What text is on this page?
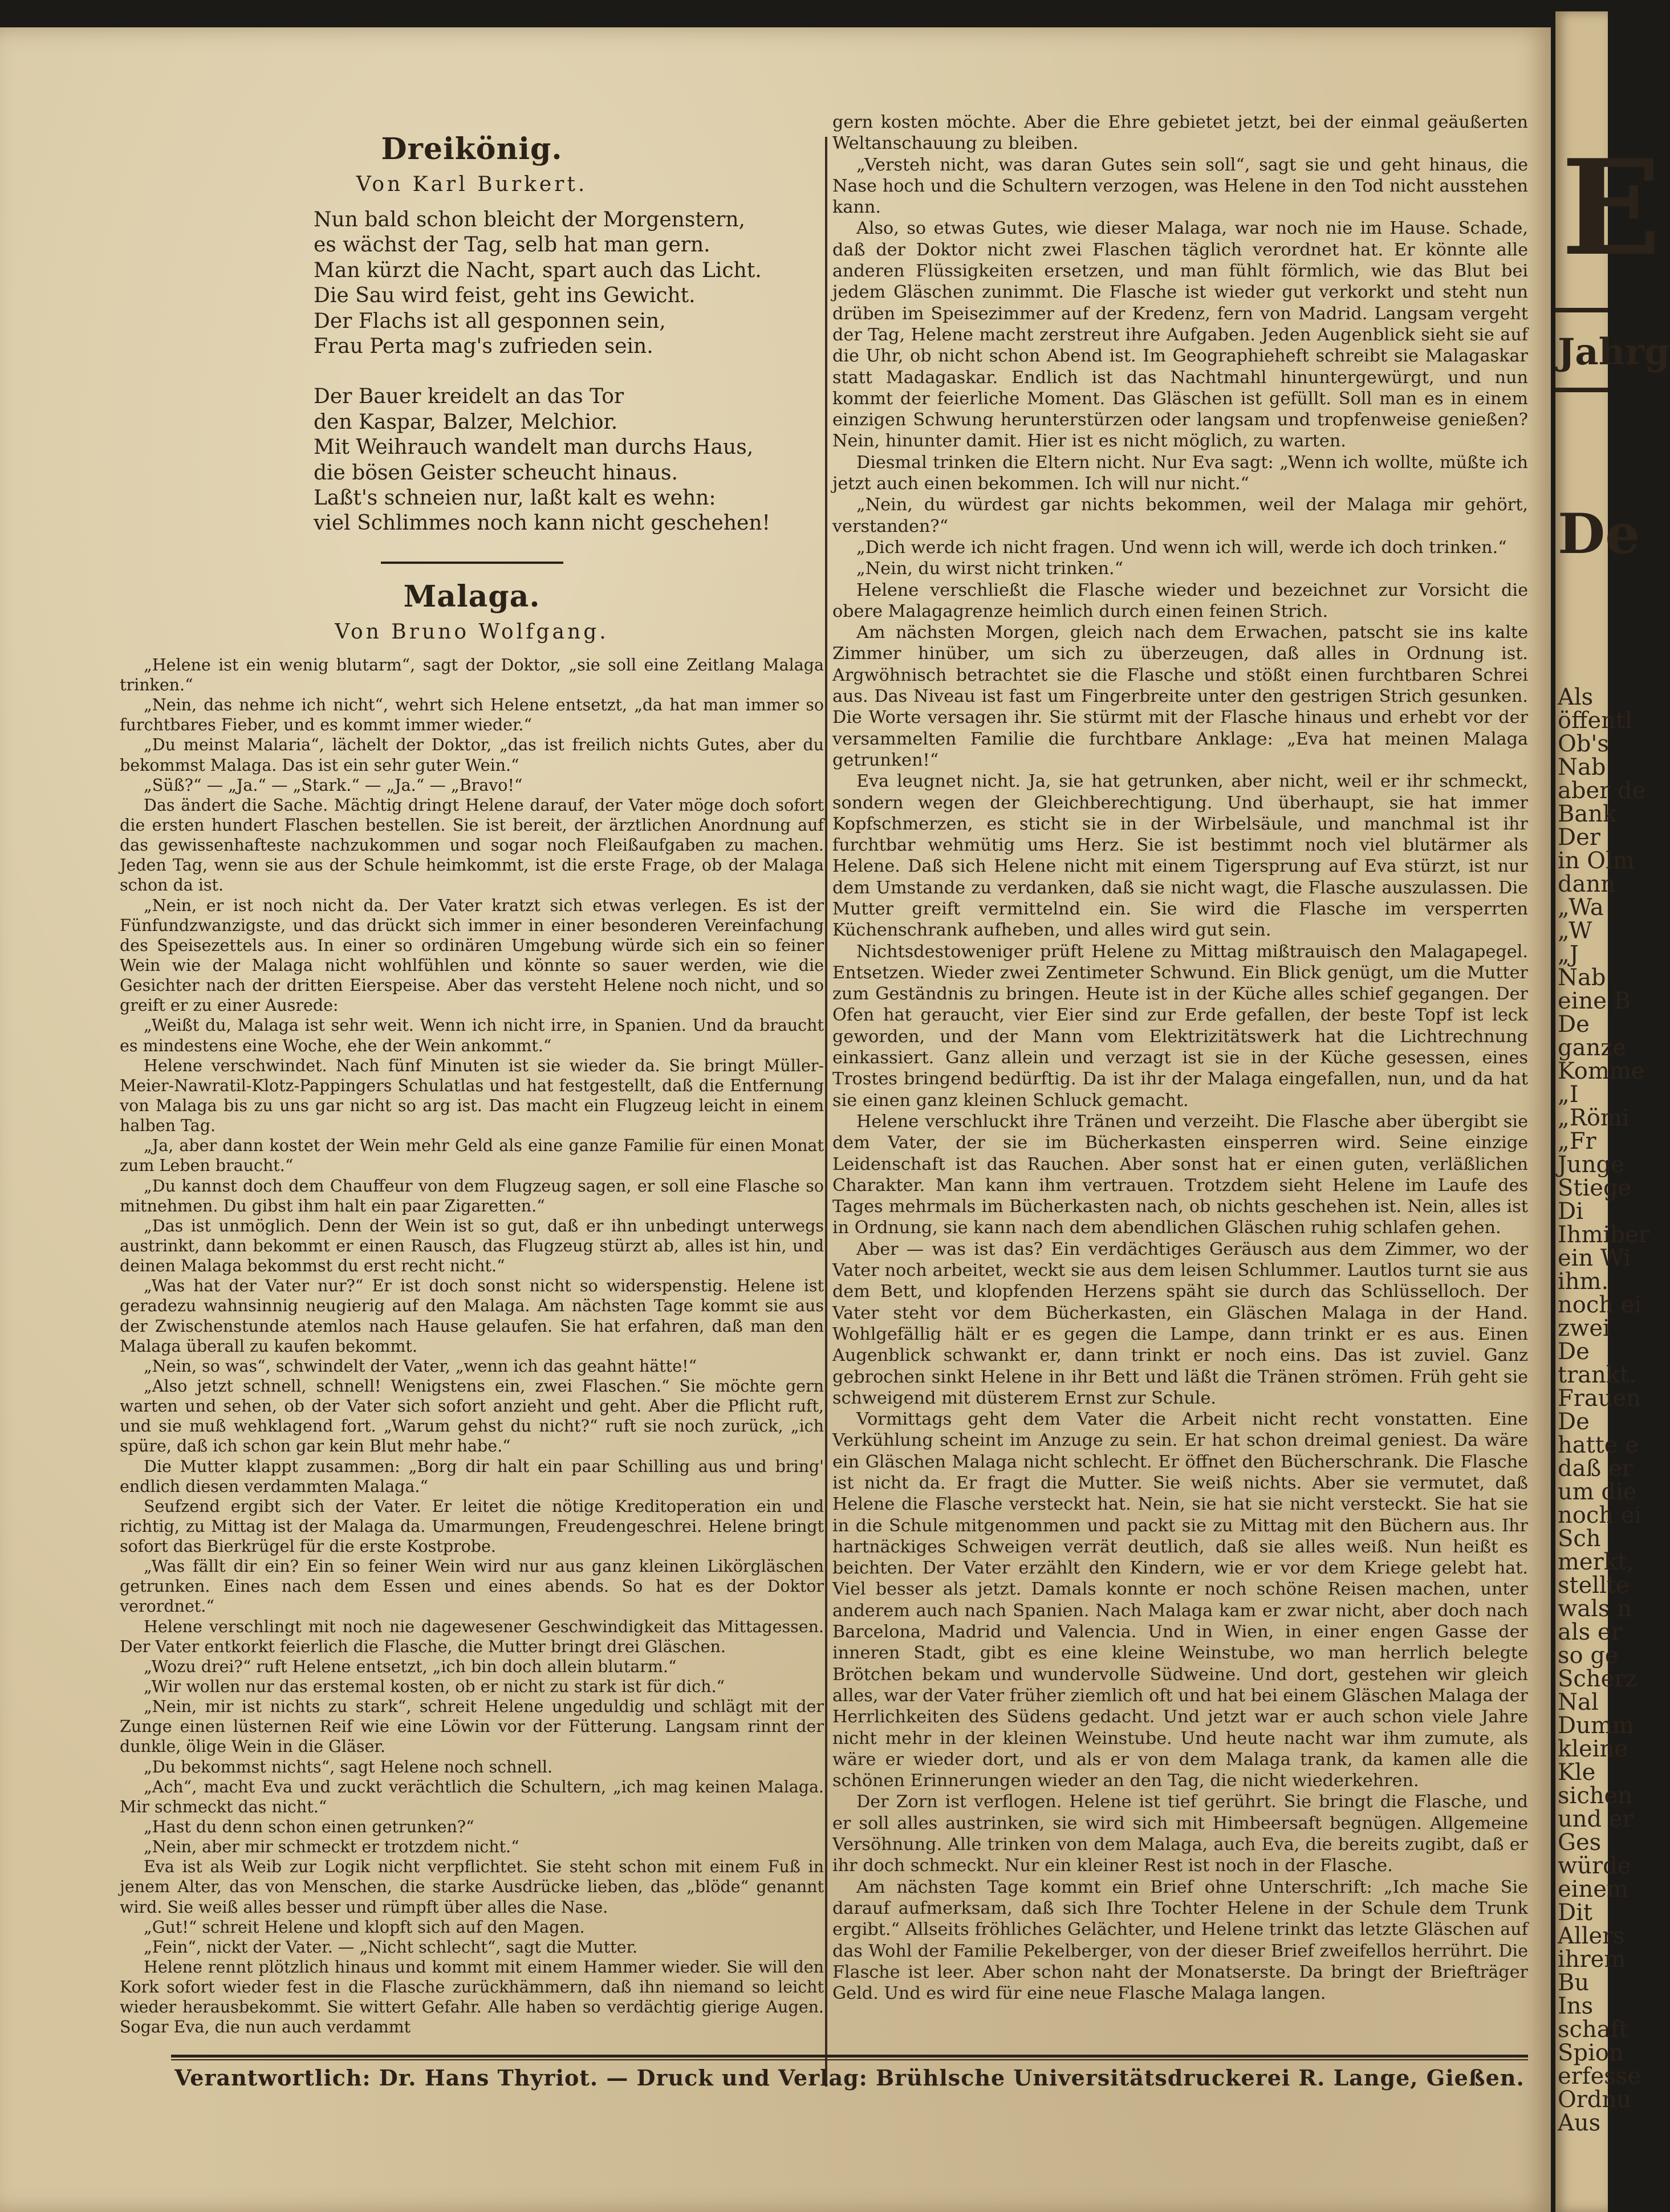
Dreikönig.
Von Karl Burkert.
Nun bald schon bleicht der Morgenstern,
es wächst der Tag, selb hat man gern.
Man kürzt die Nacht, spart auch das Licht.
Die Sau wird feist, geht ins Gewicht.
Der Flachs ist all gesponnen sein,
Frau Perta mag's zufrieden sein.
Der Bauer kreidelt an das Tor
den Kaspar, Balzer, Melchior.
Mit Weihrauch wandelt man durchs Haus,
die bösen Geister scheucht hinaus.
Laßt's schneien nur, laßt kalt es wehn:
viel Schlimmes noch kann nicht geschehen!
Malaga.
Von Bruno Wolfgang.

„Helene ist ein wenig blutarm“, sagt der Doktor, „sie soll eine Zeitlang Malaga trinken.“

„Nein, das nehme ich nicht“, wehrt sich Helene entsetzt, „da hat man immer so furchtbares Fieber, und es kommt immer wieder.“

„Du meinst Malaria“, lächelt der Doktor, „das ist freilich nichts Gutes, aber du bekommst Malaga. Das ist ein sehr guter Wein.“

„Süß?“ — „Ja.“ — „Stark.“ — „Ja.“ — „Bravo!“

Das ändert die Sache. Mächtig dringt Helene darauf, der Vater möge doch sofort die ersten hundert Flaschen bestellen. Sie ist bereit, der ärztlichen Anordnung auf das gewissenhafteste nachzukommen und sogar noch Fleißaufgaben zu machen. Jeden Tag, wenn sie aus der Schule heimkommt, ist die erste Frage, ob der Malaga schon da ist.

„Nein, er ist noch nicht da. Der Vater kratzt sich etwas verlegen. Es ist der Fünfundzwanzigste, und das drückt sich immer in einer besonderen Vereinfachung des Speisezettels aus. In einer so ordinären Umgebung würde sich ein so feiner Wein wie der Malaga nicht wohlfühlen und könnte so sauer werden, wie die Gesichter nach der dritten Eierspeise. Aber das versteht Helene noch nicht, und so greift er zu einer Ausrede:

„Weißt du, Malaga ist sehr weit. Wenn ich nicht irre, in Spanien. Und da braucht es mindestens eine Woche, ehe der Wein ankommt.“

Helene verschwindet. Nach fünf Minuten ist sie wieder da. Sie bringt Müller-Meier-Nawratil-Klotz-Pappingers Schulatlas und hat festgestellt, daß die Entfernung von Malaga bis zu uns gar nicht so arg ist. Das macht ein Flugzeug leicht in einem halben Tag.

„Ja, aber dann kostet der Wein mehr Geld als eine ganze Familie für einen Monat zum Leben braucht.“

„Du kannst doch dem Chauffeur von dem Flugzeug sagen, er soll eine Flasche so mitnehmen. Du gibst ihm halt ein paar Zigaretten.“

„Das ist unmöglich. Denn der Wein ist so gut, daß er ihn unbedingt unterwegs austrinkt, dann bekommt er einen Rausch, das Flugzeug stürzt ab, alles ist hin, und deinen Malaga bekommst du erst recht nicht.“

„Was hat der Vater nur?“ Er ist doch sonst nicht so widerspenstig. Helene ist geradezu wahnsinnig neugierig auf den Malaga. Am nächsten Tage kommt sie aus der Zwischenstunde atemlos nach Hause gelaufen. Sie hat erfahren, daß man den Malaga überall zu kaufen bekommt.

„Nein, so was“, schwindelt der Vater, „wenn ich das geahnt hätte!“

„Also jetzt schnell, schnell! Wenigstens ein, zwei Flaschen.“ Sie möchte gern warten und sehen, ob der Vater sich sofort anzieht und geht. Aber die Pflicht ruft, und sie muß wehklagend fort. „Warum gehst du nicht?“ ruft sie noch zurück, „ich spüre, daß ich schon gar kein Blut mehr habe.“

Die Mutter klappt zusammen: „Borg dir halt ein paar Schilling aus und bring' endlich diesen verdammten Malaga.“

Seufzend ergibt sich der Vater. Er leitet die nötige Kreditoperation ein und richtig, zu Mittag ist der Malaga da. Umarmungen, Freudengeschrei. Helene bringt sofort das Bierkrügel für die erste Kostprobe.

„Was fällt dir ein? Ein so feiner Wein wird nur aus ganz kleinen Likörgläschen getrunken. Eines nach dem Essen und eines abends. So hat es der Doktor verordnet.“

Helene verschlingt mit noch nie dagewesener Geschwindigkeit das Mittagessen. Der Vater entkorkt feierlich die Flasche, die Mutter bringt drei Gläschen.

„Wozu drei?“ ruft Helene entsetzt, „ich bin doch allein blutarm.“

„Wir wollen nur das erstemal kosten, ob er nicht zu stark ist für dich.“

„Nein, mir ist nichts zu stark“, schreit Helene ungeduldig und schlägt mit der Zunge einen lüsternen Reif wie eine Löwin vor der Fütterung. Langsam rinnt der dunkle, ölige Wein in die Gläser.

„Du bekommst nichts“, sagt Helene noch schnell.

„Ach“, macht Eva und zuckt verächtlich die Schultern, „ich mag keinen Malaga. Mir schmeckt das nicht.“

„Hast du denn schon einen getrunken?“

„Nein, aber mir schmeckt er trotzdem nicht.“

Eva ist als Weib zur Logik nicht verpflichtet. Sie steht schon mit einem Fuß in jenem Alter, das von Menschen, die starke Ausdrücke lieben, das „blöde“ genannt wird. Sie weiß alles besser und rümpft über alles die Nase.

„Gut!“ schreit Helene und klopft sich auf den Magen.

„Fein“, nickt der Vater. — „Nicht schlecht“, sagt die Mutter.

Helene rennt plötzlich hinaus und kommt mit einem Hammer wieder. Sie will den Kork sofort wieder fest in die Flasche zurückhämmern, daß ihn niemand so leicht wieder herausbekommt. Sie wittert Gefahr. Alle haben so verdächtig gierige Augen. Sogar Eva, die nun auch verdammt

gern kosten möchte. Aber die Ehre gebietet jetzt, bei der einmal geäußerten Weltanschauung zu bleiben.

„Versteh nicht, was daran Gutes sein soll“, sagt sie und geht hinaus, die Nase hoch und die Schultern verzogen, was Helene in den Tod nicht ausstehen kann.

Also, so etwas Gutes, wie dieser Malaga, war noch nie im Hause. Schade, daß der Doktor nicht zwei Flaschen täglich verordnet hat. Er könnte alle anderen Flüssigkeiten ersetzen, und man fühlt förmlich, wie das Blut bei jedem Gläschen zunimmt. Die Flasche ist wieder gut verkorkt und steht nun drüben im Speisezimmer auf der Kredenz, fern von Madrid. Langsam vergeht der Tag, Helene macht zerstreut ihre Aufgaben. Jeden Augenblick sieht sie auf die Uhr, ob nicht schon Abend ist. Im Geographieheft schreibt sie Malagaskar statt Madagaskar. Endlich ist das Nachtmahl hinuntergewürgt, und nun kommt der feierliche Moment. Das Gläschen ist gefüllt. Soll man es in einem einzigen Schwung herunterstürzen oder langsam und tropfenweise genießen? Nein, hinunter damit. Hier ist es nicht möglich, zu warten.

Diesmal trinken die Eltern nicht. Nur Eva sagt: „Wenn ich wollte, müßte ich jetzt auch einen bekommen. Ich will nur nicht.“

„Nein, du würdest gar nichts bekommen, weil der Malaga mir gehört, verstanden?“

„Dich werde ich nicht fragen. Und wenn ich will, werde ich doch trinken.“

„Nein, du wirst nicht trinken.“

Helene verschließt die Flasche wieder und bezeichnet zur Vorsicht die obere Malagagrenze heimlich durch einen feinen Strich.

Am nächsten Morgen, gleich nach dem Erwachen, patscht sie ins kalte Zimmer hinüber, um sich zu überzeugen, daß alles in Ordnung ist. Argwöhnisch betrachtet sie die Flasche und stößt einen furchtbaren Schrei aus. Das Niveau ist fast um Fingerbreite unter den gestrigen Strich gesunken. Die Worte versagen ihr. Sie stürmt mit der Flasche hinaus und erhebt vor der versammelten Familie die furchtbare Anklage: „Eva hat meinen Malaga getrunken!“

Eva leugnet nicht. Ja, sie hat getrunken, aber nicht, weil er ihr schmeckt, sondern wegen der Gleichberechtigung. Und überhaupt, sie hat immer Kopfschmerzen, es sticht sie in der Wirbelsäule, und manchmal ist ihr furchtbar wehmütig ums Herz. Sie ist bestimmt noch viel blutärmer als Helene. Daß sich Helene nicht mit einem Tigersprung auf Eva stürzt, ist nur dem Umstande zu verdanken, daß sie nicht wagt, die Flasche auszulassen. Die Mutter greift vermittelnd ein. Sie wird die Flasche im versperrten Küchenschrank aufheben, und alles wird gut sein.

Nichtsdestoweniger prüft Helene zu Mittag mißtrauisch den Malagapegel. Entsetzen. Wieder zwei Zentimeter Schwund. Ein Blick genügt, um die Mutter zum Geständnis zu bringen. Heute ist in der Küche alles schief gegangen. Der Ofen hat geraucht, vier Eier sind zur Erde gefallen, der beste Topf ist leck geworden, und der Mann vom Elektrizitätswerk hat die Lichtrechnung einkassiert. Ganz allein und verzagt ist sie in der Küche gesessen, eines Trostes bringend bedürftig. Da ist ihr der Malaga eingefallen, nun, und da hat sie einen ganz kleinen Schluck gemacht.

Helene verschluckt ihre Tränen und verzeiht. Die Flasche aber übergibt sie dem Vater, der sie im Bücherkasten einsperren wird. Seine einzige Leidenschaft ist das Rauchen. Aber sonst hat er einen guten, verläßlichen Charakter. Man kann ihm vertrauen. Trotzdem sieht Helene im Laufe des Tages mehrmals im Bücherkasten nach, ob nichts geschehen ist. Nein, alles ist in Ordnung, sie kann nach dem abendlichen Gläschen ruhig schlafen gehen.

Aber — was ist das? Ein verdächtiges Geräusch aus dem Zimmer, wo der Vater noch arbeitet, weckt sie aus dem leisen Schlummer. Lautlos turnt sie aus dem Bett, und klopfenden Herzens späht sie durch das Schlüsselloch. Der Vater steht vor dem Bücherkasten, ein Gläschen Malaga in der Hand. Wohlgefällig hält er es gegen die Lampe, dann trinkt er es aus. Einen Augenblick schwankt er, dann trinkt er noch eins. Das ist zuviel. Ganz gebrochen sinkt Helene in ihr Bett und läßt die Tränen strömen. Früh geht sie schweigend mit düsterem Ernst zur Schule.

Vormittags geht dem Vater die Arbeit nicht recht vonstatten. Eine Verkühlung scheint im Anzuge zu sein. Er hat schon dreimal geniest. Da wäre ein Gläschen Malaga nicht schlecht. Er öffnet den Bücherschrank. Die Flasche ist nicht da. Er fragt die Mutter. Sie weiß nichts. Aber sie vermutet, daß Helene die Flasche versteckt hat. Nein, sie hat sie nicht versteckt. Sie hat sie in die Schule mitgenommen und packt sie zu Mittag mit den Büchern aus. Ihr hartnäckiges Schweigen verrät deutlich, daß sie alles weiß. Nun heißt es beichten. Der Vater erzählt den Kindern, wie er vor dem Kriege gelebt hat. Viel besser als jetzt. Damals konnte er noch schöne Reisen machen, unter anderem auch nach Spanien. Nach Malaga kam er zwar nicht, aber doch nach Barcelona, Madrid und Valencia. Und in Wien, in einer engen Gasse der inneren Stadt, gibt es eine kleine Weinstube, wo man herrlich belegte Brötchen bekam und wundervolle Südweine. Und dort, gestehen wir gleich alles, war der Vater früher ziemlich oft und hat bei einem Gläschen Malaga der Herrlichkeiten des Südens gedacht. Und jetzt war er auch schon viele Jahre nicht mehr in der kleinen Weinstube. Und heute nacht war ihm zumute, als wäre er wieder dort, und als er von dem Malaga trank, da kamen alle die schönen Erinnerungen wieder an den Tag, die nicht wiederkehren.

Der Zorn ist verflogen. Helene ist tief gerührt. Sie bringt die Flasche, und er soll alles austrinken, sie wird sich mit Himbeersaft begnügen. Allgemeine Versöhnung. Alle trinken von dem Malaga, auch Eva, die bereits zugibt, daß er ihr doch schmeckt. Nur ein kleiner Rest ist noch in der Flasche.

Am nächsten Tage kommt ein Brief ohne Unterschrift: „Ich mache Sie darauf aufmerksam, daß sich Ihre Tochter Helene in der Schule dem Trunk ergibt.“ Allseits fröhliches Gelächter, und Helene trinkt das letzte Gläschen auf das Wohl der Familie Pekelberger, von der dieser Brief zweifellos herrührt. Die Flasche ist leer. Aber schon naht der Monatserste. Da bringt der Briefträger Geld. Und es wird für eine neue Flasche Malaga langen.

Verantwortlich: Dr. Hans Thyriot. — Druck und Verlag: Brühlsche Universitätsdruckerei R. Lange, Gießen.
E
Jahrg
De
Als
öffentl
Ob's
Nab
aber de
Bank
Der
in Olm
dann
„Wa
„W
„J
Nab
eine B
De
ganze
Komme
„I
„Römi
„Fr
Junge
Stiege
Di
Ihmiber
ein Wi
ihm.
noch ei
zwei
De
trankt.
Frauen
De
hatte e
daß er
um die
noch ei
Sch
merkt,
stellte
wals n
als er
so ge
Scherz
Nal
Dumm
kleine
Kle
sichen
und er
Ges
würde
einem
Dit
Allers
ihrem
Bu
Ins
schaft
Spion
erfesse
Ordnu
Aus
